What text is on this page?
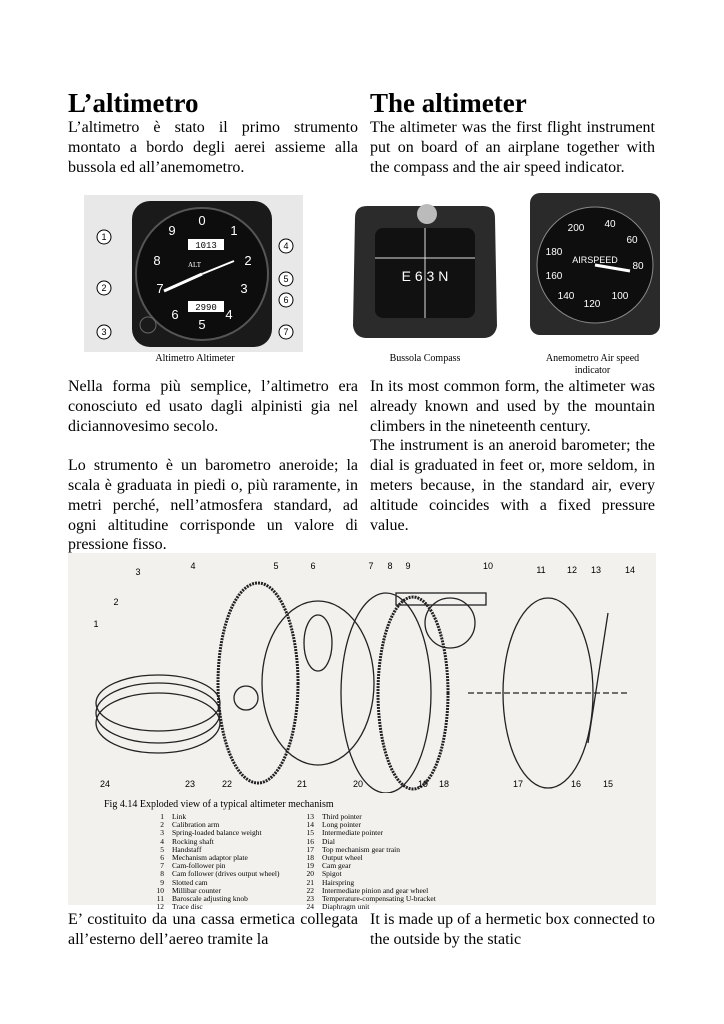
L’altimetro

L’altimetro è stato il primo strumento montato a bordo degli aerei assieme alla bussola ed all’anemometro.

The altimeter

The altimeter was the first flight instrument put on board of an airplane together with the compass and the air speed indicator.

0
1
2
3
4
5
6
7
8
9
1013
2990
ALT
1
2
3
4
5
6
7
E 6 3 N
200 40
60
180
80
160
140
120
100
AIRSPEED
Altimetro Altimeter	Bussola Compass	Anemometro Air speed indicator

Nella forma più semplice, l’altimetro era conosciuto ed usato dagli alpinisti gia nel diciannovesimo secolo.

Lo strumento è un barometro aneroide; la scala è graduata in piedi o, più raramente, in metri perché, nell’atmosfera standard, ad ogni altitudine corrisponde un valore di pressione fisso.

In its most common form, the altimeter was already known and used by the mountain climbers in the nineteenth century.

The instrument is an aneroid barometer; the dial is graduated in feet or, more seldom, in meters because, in the standard air, every altitude coincides with a fixed pressure value.

3
4	5	6	7 8 9	10	11 12 13	14
2
1
24	23	22	21	20	19 18	17	16 15
Fig 4.14 Exploded view of a typical altimeter mechanism
1 Link
2 Calibration arm
3 Spring-loaded balance weight
4 Rocking shaft
5 Handstaff
6 Mechanism adaptor plate
7 Cam-follower pin
8 Cam follower (drives output wheel)
9 Slotted cam
10 Millibar counter
11 Baroscale adjusting knob
12 Trace disc
13 Third pointer
14 Long pointer
15 Intermediate pointer
16 Dial
17 Top mechanism gear train
18 Output wheel
19 Cam gear
20 Spigot
21 Hairspring
22 Intermediate pinion and gear wheel
23 Temperature-compensating U-bracket
24 Diaphragm unit

E’ costituito da una cassa ermetica collegata all’esterno dell’aereo tramite la

It is made up of a hermetic box connected to the outside by the static
